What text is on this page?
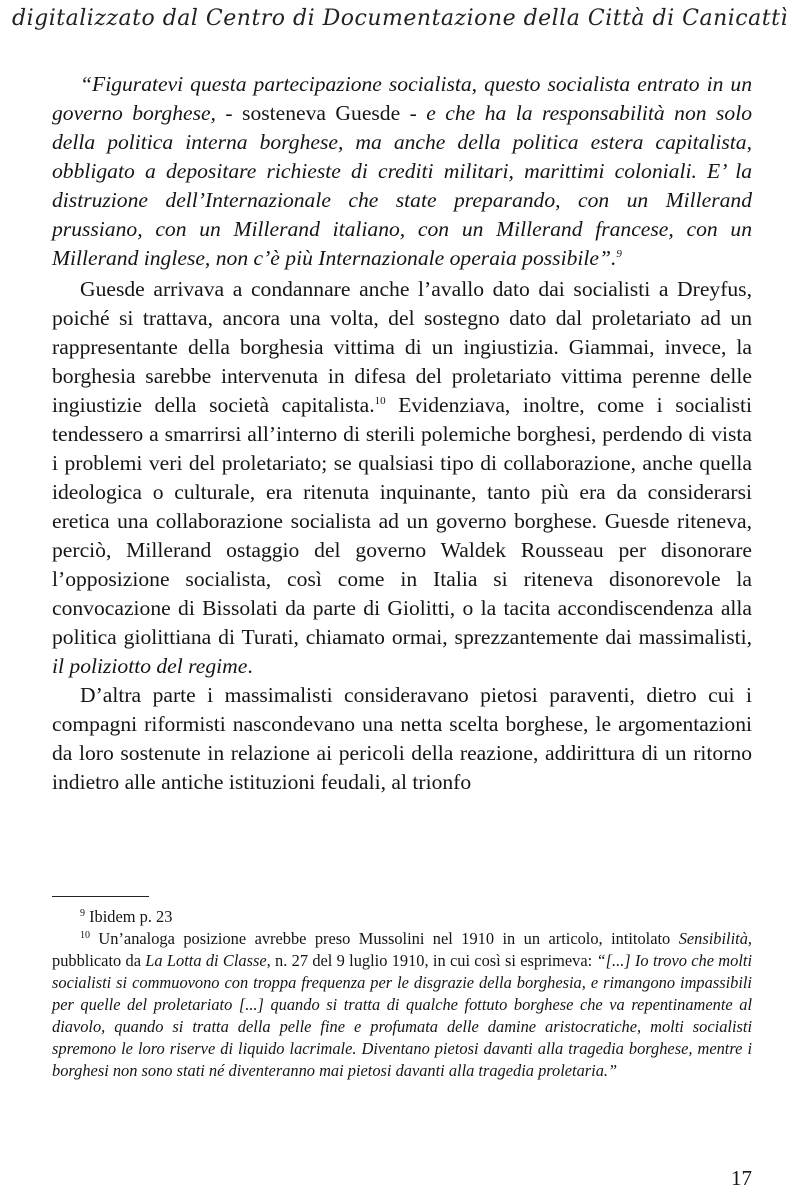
digitalizzato dal Centro di Documentazione della Città di Canicattì

“Figuratevi questa partecipazione socialista, questo socialista entrato in un governo borghese, - sosteneva Guesde - e che ha la responsabilità non solo della politica interna borghese, ma anche della politica estera capitalista, obbligato a depositare richieste di crediti militari, marittimi coloniali. E’ la distruzione dell’Internazionale che state preparando, con un Millerand prussiano, con un Millerand italiano, con un Millerand francese, con un Millerand inglese, non c’è più Internazionale operaia possibile”.$^9$

Guesde arrivava a condannare anche l’avallo dato dai socialisti a Dreyfus, poiché si trattava, ancora una volta, del sostegno dato dal proletariato ad un rappresentante della borghesia vittima di un ingiustizia. Giammai, invece, la borghesia sarebbe intervenuta in difesa del proletariato vittima perenne delle ingiustizie della società capitalista.$^{10}$ Evidenziava, inoltre, come i socialisti tendessero a smarrirsi all’interno di sterili polemiche borghesi, perdendo di vista i problemi veri del proletariato; se qualsiasi tipo di collaborazione, anche quella ideologica o culturale, era ritenuta inquinante, tanto più era da considerarsi eretica una collaborazione socialista ad un governo borghese. Guesde riteneva, perciò, Millerand ostaggio del governo Waldek Rousseau per disonorare l’opposizione socialista, così come in Italia si riteneva disonorevole la convocazione di Bissolati da parte di Giolitti, o la tacita accondiscendenza alla politica giolittiana di Turati, chiamato ormai, sprezzantemente dai massimalisti, il poliziotto del regime.

D’altra parte i massimalisti consideravano pietosi paraventi, dietro cui i compagni riformisti nascondevano una netta scelta borghese, le argomentazioni da loro sostenute in relazione ai pericoli della reazione, addirittura di un ritorno indietro alle antiche istituzioni feudali, al trionfo

$^9$ Ibidem p. 23

$^{10}$ Un’analoga posizione avrebbe preso Mussolini nel 1910 in un articolo, intitolato Sensibilità, pubblicato da La Lotta di Classe, n. 27 del 9 luglio 1910, in cui così si esprimeva: “[...] Io trovo che molti socialisti si commuovono con troppa frequenza per le disgrazie della borghesia, e rimangono impassibili per quelle del proletariato [...] quando si tratta di qualche fottuto borghese che va repentinamente al diavolo, quando si tratta della pelle fine e profumata delle damine aristocratiche, molti socialisti spremono le loro riserve di liquido lacrimale. Diventano pietosi davanti alla tragedia borghese, mentre i borghesi non sono stati né diventeranno mai pietosi davanti alla tragedia proletaria.”

17
